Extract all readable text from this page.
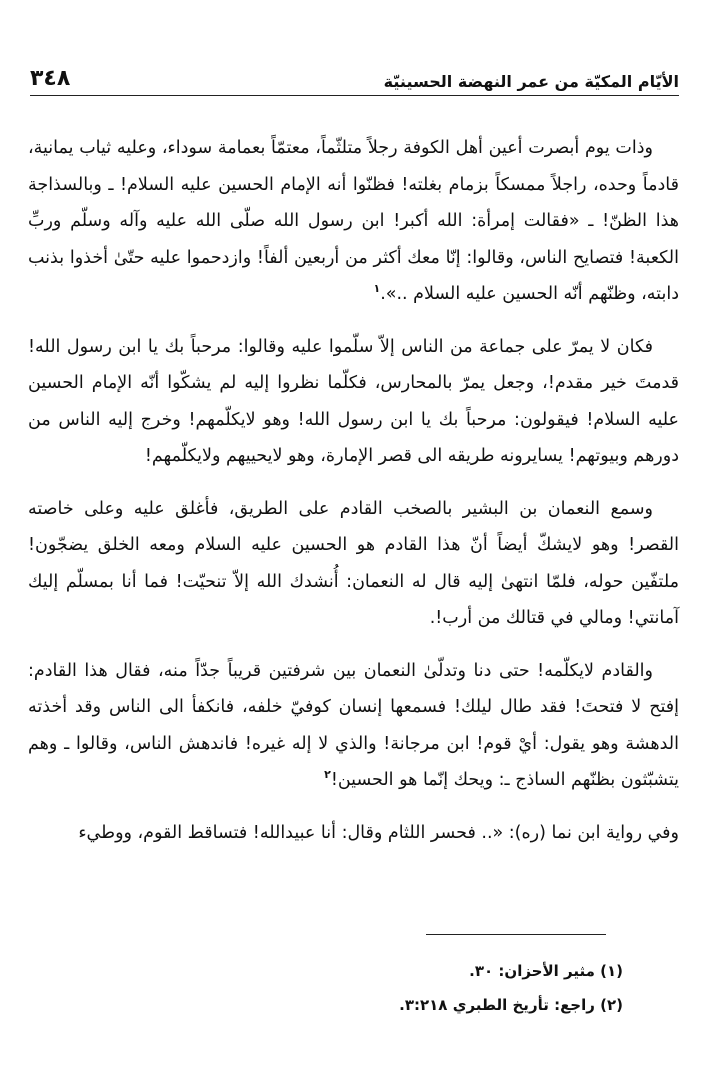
الأيّام المكيّة من عمر النهضة الحسينيّة
٣٤٨

وذات يوم أبصرت أعين أهل الكوفة رجلاً متلثّماً، معتمّاً بعمامة سوداء، وعليه ثياب يمانية، قادماً وحده، راجلاً ممسكاً بزمام بغلته! فظنّوا أنه الإمام الحسين عليه السلام! ـ وبالسذاجة هذا الظنّ! ـ «فقالت إمرأة: الله أكبر! ابن رسول الله صلّى الله عليه وآله وسلّم وربِّ الكعبة! فتصايح الناس، وقالوا: إنّا معك أكثر من أربعين ألفاً! وازدحموا عليه حتّىٰ أخذوا بذنب دابته، وظنّهم أنّه الحسين عليه السلام ..».$^١$

فكان لا يمرّ على جماعة من الناس إلاّ سلّموا عليه وقالوا: مرحباً بك يا ابن رسول الله! قدمتَ خير مقدم!، وجعل يمرّ بالمحارس، فكلّما نظروا إليه لم يشكّوا أنّه الإمام الحسين عليه السلام! فيقولون: مرحباً بك يا ابن رسول الله! وهو لايكلّمهم! وخرج إليه الناس من دورهم وبيوتهم! يسايرونه طريقه الى قصر الإمارة، وهو لايحييهم ولايكلّمهم!

وسمع النعمان بن البشير بالصخب القادم على الطريق، فأغلق عليه وعلى خاصته القصر! وهو لايشكّ أيضاً أنّ هذا القادم هو الحسين عليه السلام ومعه الخلق يضجّون! ملتفّين حوله، فلمّا انتهىٰ إليه قال له النعمان: أُنشدك الله إلاّ تنحيّت! فما أنا بمسلّم إليك آمانتي! ومالي في قتالك من أرب!.

والقادم لايكلّمه! حتى دنا وتدلّىٰ النعمان بين شرفتين قريباً جدّاً منه، فقال هذا القادم: إفتح لا فتحتَ! فقد طال ليلك! فسمعها إنسان كوفيّ خلفه، فانكفأ الى الناس وقد أخذته الدهشة وهو يقول: أيْ قوم! ابن مرجانة! والذي لا إله غيره! فاندهش الناس، وقالوا ـ وهم يتشبّثون بظنّهم الساذج ـ: ويحك إنّما هو الحسين!$^٢$

وفي رواية ابن نما (ره): «.. فحسر اللثام وقال: أنا عبيدالله! فتساقط القوم، ووطيء

(١) مثير الأحزان: ٣٠.
(٢) راجع: تأريخ الطبري ٣:٢١٨.
